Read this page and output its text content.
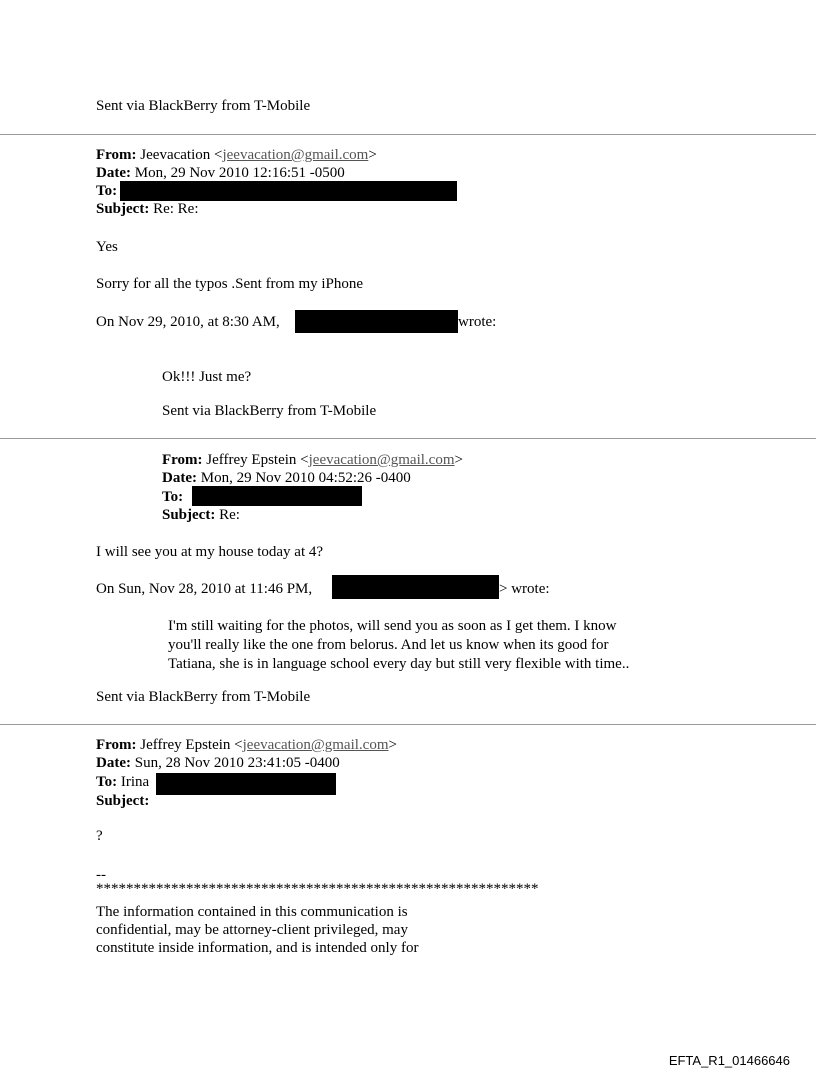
Sent via BlackBerry from T-Mobile
From: Jeevacation <jeevacation@gmail.com>
Date: Mon, 29 Nov 2010 12:16:51 -0500
To:
Subject: Re: Re:
Yes
Sorry for all the typos .Sent from my iPhone
On Nov 29, 2010, at 8:30 AM,	wrote:
Ok!!! Just me?
Sent via BlackBerry from T-Mobile
From: Jeffrey Epstein <jeevacation@gmail.com>
Date: Mon, 29 Nov 2010 04:52:26 -0400
To:
Subject: Re:
I will see you at my house today at 4?
On Sun, Nov 28, 2010 at 11:46 PM,	> wrote:
I'm still waiting for the photos, will send you as soon as I get them. I know
you'll really like the one from belorus. And let us know when its good for
Tatiana, she is in language school every day but still very flexible with time..
Sent via BlackBerry from T-Mobile
From: Jeffrey Epstein <jeevacation@gmail.com>
Date: Sun, 28 Nov 2010 23:41:05 -0400
To: Irina
Subject:
?
--
***********************************************************
The information contained in this communication is
confidential, may be attorney-client privileged, may
constitute inside information, and is intended only for
EFTA_R1_01466646
